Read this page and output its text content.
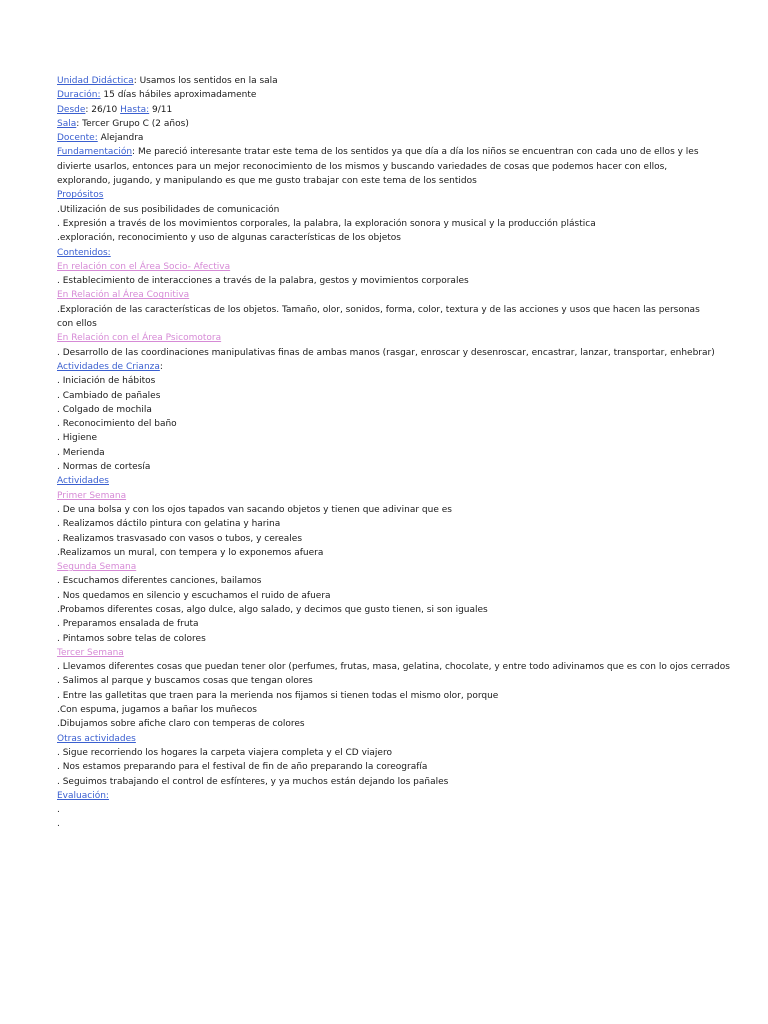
Unidad Didáctica: Usamos los sentidos en la sala
Duración: 15 días hábiles aproximadamente
Desde: 26/10 Hasta: 9/11
Sala: Tercer Grupo C (2 años)
Docente: Alejandra
Fundamentación: Me pareció interesante tratar este tema de los sentidos ya que día a día los niños se encuentran con cada uno de ellos y les divierte usarlos, entonces para un mejor reconocimiento de los mismos y buscando variedades de cosas que podemos hacer con ellos, explorando, jugando, y manipulando es que me gusto trabajar con este tema de los sentidos
Propósitos
.Utilización de sus posibilidades de comunicación
. Expresión a través de los movimientos corporales, la palabra, la exploración sonora y musical y la producción plástica
.exploración, reconocimiento y uso de algunas características de los objetos
Contenidos:
En relación con el Área Socio- Afectiva
. Establecimiento de interacciones a través de la palabra, gestos y movimientos corporales
En Relación al Área Cognitiva
.Exploración de las características de los objetos. Tamaño, olor, sonidos, forma, color, textura y de las acciones y usos que hacen las personas con ellos
En Relación con el Área Psicomotora
. Desarrollo de las coordinaciones manipulativas finas de ambas manos (rasgar, enroscar y desenroscar, encastrar, lanzar, transportar, enhebrar)
Actividades de Crianza:
. Iniciación de hábitos
. Cambiado de pañales
. Colgado de mochila
. Reconocimiento del baño
. Higiene
. Merienda
. Normas de cortesía
Actividades
Primer Semana
. De una bolsa y con los ojos tapados van sacando objetos y tienen que adivinar que es
. Realizamos dáctilo pintura con gelatina y harina
. Realizamos trasvasado con vasos o tubos, y cereales
.Realizamos un mural, con tempera y lo exponemos afuera
Segunda Semana
. Escuchamos diferentes canciones, bailamos
. Nos quedamos en silencio y escuchamos el ruido de afuera
.Probamos diferentes cosas, algo dulce, algo salado, y decimos que gusto tienen, si son iguales
. Preparamos ensalada de fruta
. Pintamos sobre telas de colores
Tercer Semana
. Llevamos diferentes cosas que puedan tener olor (perfumes, frutas, masa, gelatina, chocolate, y entre todo adivinamos que es con lo ojos cerrados
. Salimos al parque y buscamos cosas que tengan olores
. Entre las galletitas que traen para la merienda nos fijamos si tienen todas el mismo olor, porque
.Con espuma, jugamos a bañar los muñecos
.Dibujamos sobre afiche claro con temperas de colores
Otras actividades
. Sigue recorriendo los hogares la carpeta viajera completa y el CD viajero
. Nos estamos preparando para el festival de fin de año preparando la coreografía
. Seguimos trabajando el control de esfínteres, y ya muchos están dejando los pañales
Evaluación:
.
.
